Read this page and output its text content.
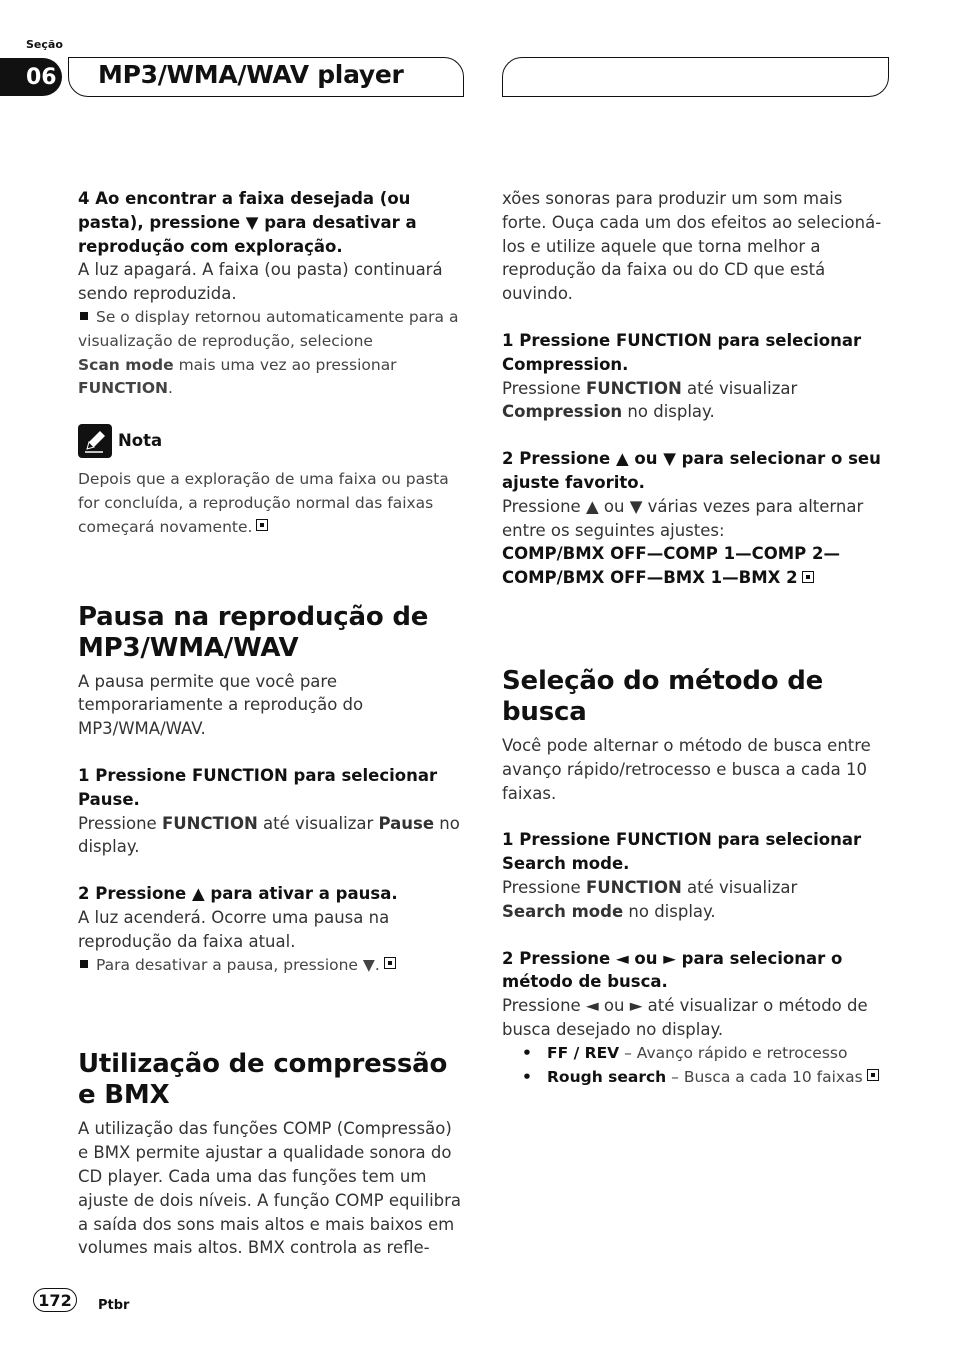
Seção
06 MP3/WMA/WAV player

4 Ao encontrar a faixa desejada (ou pasta), pressione ▼ para desativar a reprodução com exploração.

A luz apagará. A faixa (ou pasta) continuará sendo reproduzida.

Se o display retornou automaticamente para a visualização de reprodução, selecione

Scan mode mais uma vez ao pressionar
FUNCTION.

Nota

Depois que a exploração de uma faixa ou pasta for concluída, a reprodução normal das faixas começará novamente.

Pausa na reprodução de MP3/WMA/WAV

A pausa permite que você pare temporariamente a reprodução do MP3/WMA/WAV.

1 Pressione FUNCTION para selecionar Pause.

Pressione FUNCTION até visualizar Pause no display.

2 Pressione ▲ para ativar a pausa.

A luz acenderá. Ocorre uma pausa na reprodução da faixa atual.

Para desativar a pausa, pressione ▼.

Utilização de compressão e BMX

A utilização das funções COMP (Compressão) e BMX permite ajustar a qualidade sonora do CD player. Cada uma das funções tem um ajuste de dois níveis. A função COMP equilibra a saída dos sons mais altos e mais baixos em volumes mais altos. BMX controla as refle-

xões sonoras para produzir um som mais forte. Ouça cada um dos efeitos ao selecioná-los e utilize aquele que torna melhor a reprodução da faixa ou do CD que está ouvindo.

1 Pressione FUNCTION para selecionar Compression.

Pressione FUNCTION até visualizar
Compression no display.

2 Pressione ▲ ou ▼ para selecionar o seu ajuste favorito.

Pressione ▲ ou ▼ várias vezes para alternar entre os seguintes ajustes:

COMP/BMX OFF—COMP 1—COMP 2—

COMP/BMX OFF—BMX 1—BMX 2

Seleção do método de busca

Você pode alternar o método de busca entre avanço rápido/retrocesso e busca a cada 10 faixas.

1 Pressione FUNCTION para selecionar Search mode.

Pressione FUNCTION até visualizar
Search mode no display.

2 Pressione ◄ ou ► para selecionar o método de busca.

Pressione ◄ ou ► até visualizar o método de busca desejado no display.

• FF / REV – Avanço rápido e retrocesso
• Rough search – Busca a cada 10 faixas
172	Ptbr
